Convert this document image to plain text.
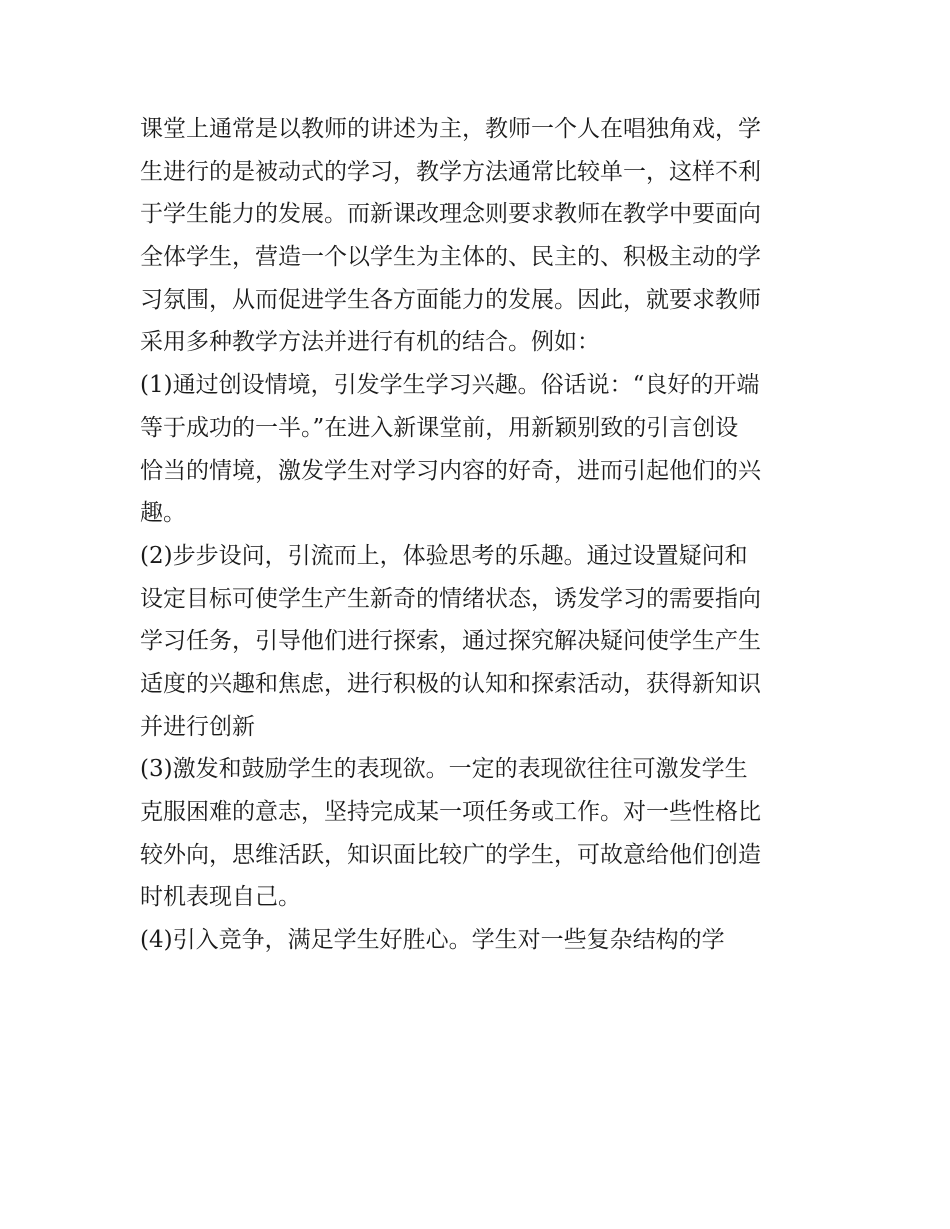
课堂上通常是以教师的讲述为主，教师一个人在唱独角戏，学
生进行的是被动式的学习，教学方法通常比较单一，这样不利
于学生能力的发展。而新课改理念则要求教师在教学中要面向
全体学生，营造一个以学生为主体的、民主的、积极主动的学
习氛围，从而促进学生各方面能力的发展。因此，就要求教师
采用多种教学方法并进行有机的结合。例如：
(1)通过创设情境，引发学生学习兴趣。俗话说：“良好的开端
等于成功的一半。”在进入新课堂前，用新颖别致的引言创设
恰当的情境，激发学生对学习内容的好奇，进而引起他们的兴
趣。
(2)步步设问，引流而上，体验思考的乐趣。通过设置疑问和
设定目标可使学生产生新奇的情绪状态，诱发学习的需要指向
学习任务，引导他们进行探索，通过探究解决疑问使学生产生
适度的兴趣和焦虑，进行积极的认知和探索活动，获得新知识
并进行创新
(3)激发和鼓励学生的表现欲。一定的表现欲往往可激发学生
克服困难的意志，坚持完成某一项任务或工作。对一些性格比
较外向，思维活跃，知识面比较广的学生，可故意给他们创造
时机表现自己。
(4)引入竞争，满足学生好胜心。学生对一些复杂结构的学
